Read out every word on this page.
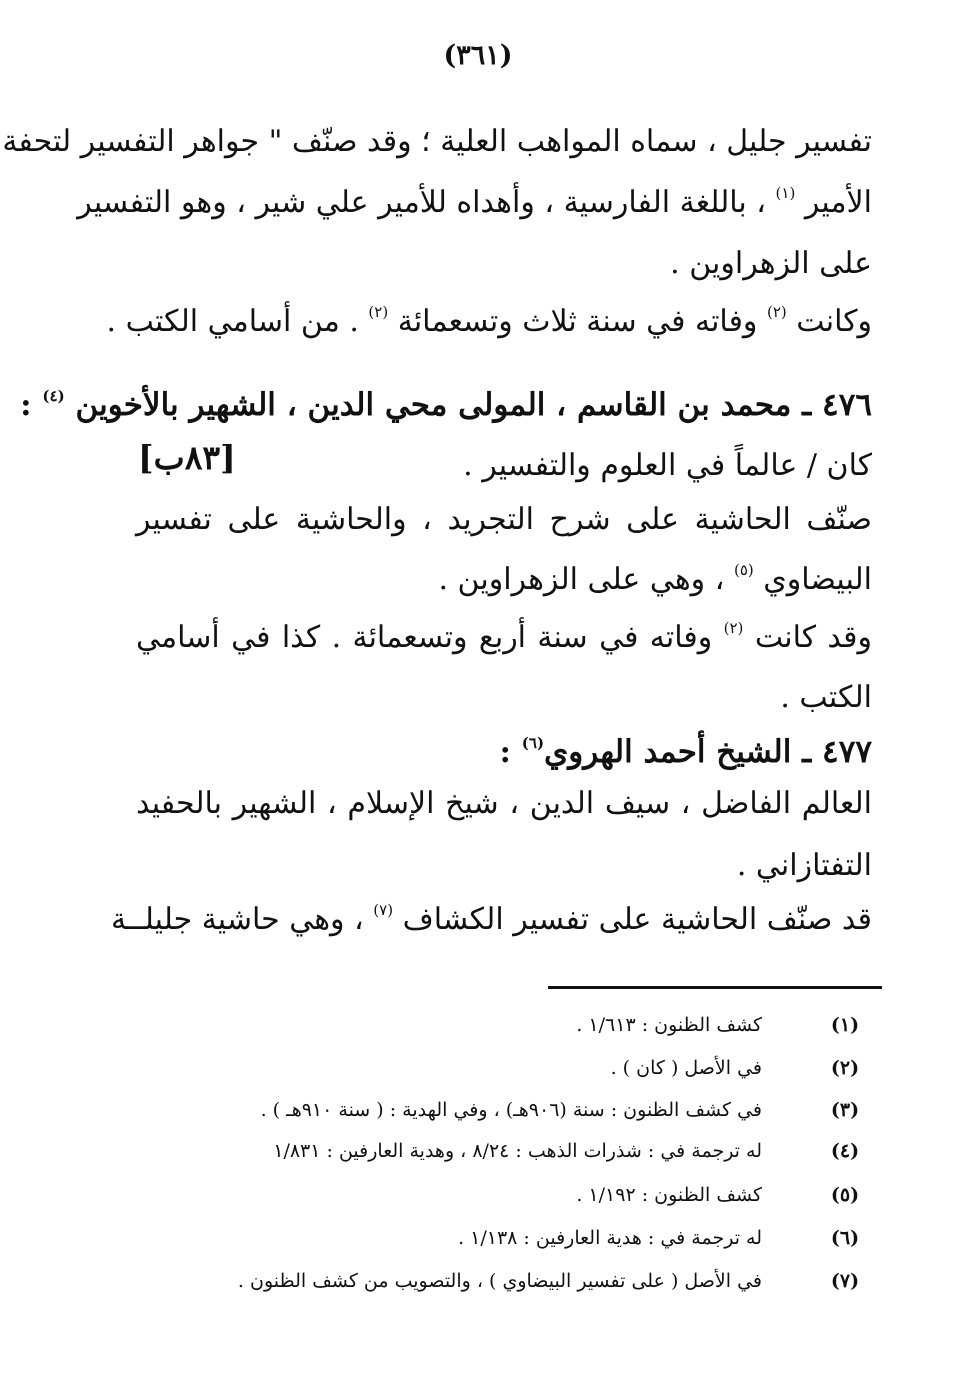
(٣٦١)
تفسير جليل ، سماه المواهب العلية ؛ وقد صنّف " جواهر التفسير لتحفة
الأمير $^{(١)}$ ، باللغة الفارسية ، وأهداه للأمير علي شير ، وهو التفسير
على الزهراوين .
وكانت $^{(٢)}$ وفاته في سنة ثلاث وتسعمائة $^{(٢)}$ . من أسامي الكتب .
٤٧٦ ـ محمد بن القاسم ، المولى محي الدين ، الشهير بالأخوين $^{(٤)}$ :
[٨٣ب]	كان / عالماً في العلوم والتفسير .
صنّف الحاشية على شرح التجريد ، والحاشية على تفسير
البيضاوي $^{(٥)}$ ، وهي على الزهراوين .
وقد كانت $^{(٢)}$ وفاته في سنة أربع وتسعمائة . كذا في أسامي
الكتب .
٤٧٧ ـ الشيخ أحمد الهروي$^{(٦)}$ :
العالم الفاضل ، سيف الدين ، شيخ الإسلام ، الشهير بالحفيد
التفتازاني .
قد صنّف الحاشية على تفسير الكشاف $^{(٧)}$ ، وهي حاشية جليلــة
(١)
كشف الظنون : ١/٦١٣ .
(٢)
في الأصل ( كان ) .
(٣)
في كشف الظنون : سنة (٩٠٦هـ) ، وفي الهدية : ( سنة ٩١٠هـ ) .
(٤)
له ترجمة في : شذرات الذهب : ٨/٢٤ ، وهدية العارفين : ١/٨٣١
(٥)
كشف الظنون : ١/١٩٢ .
(٦)
له ترجمة في : هدية العارفين : ١/١٣٨ .
(٧)
في الأصل ( على تفسير البيضاوي ) ، والتصويب من كشف الظنون .
